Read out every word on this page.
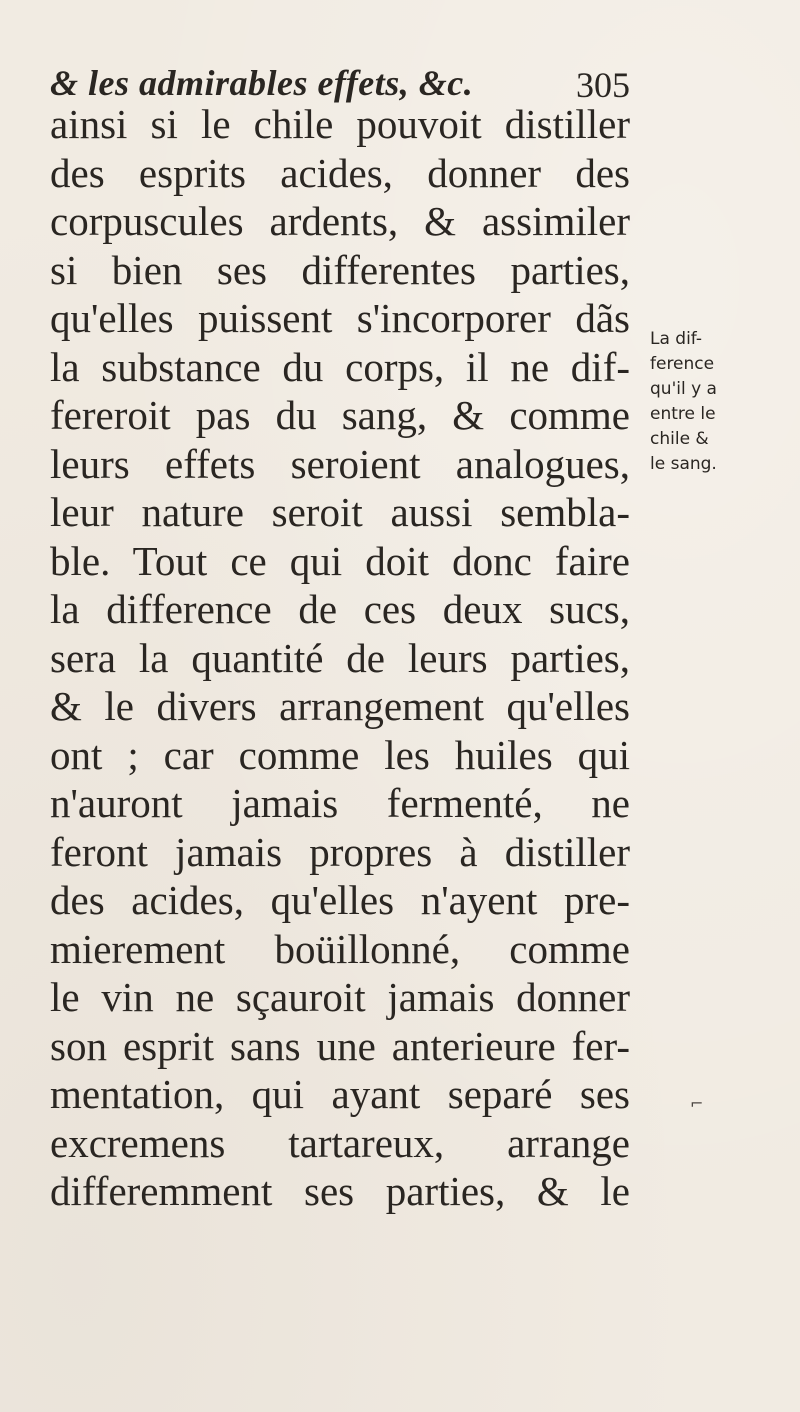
& les admirables effets, &c.	305
ainsi si le chile pouvoit distiller
des esprits acides, donner des
corpuscules ardents, & assimiler
si bien ses differentes parties,
qu'elles puissent s'incorporer dãs
la substance du corps, il ne dif-
fereroit pas du sang, & comme
leurs effets seroient analogues,
leur nature seroit aussi sembla-
ble. Tout ce qui doit donc faire
la difference de ces deux sucs,
sera la quantité de leurs parties,
& le divers arrangement qu'elles
ont ; car comme les huiles qui
n'auront jamais fermenté, ne
feront jamais propres à distiller
des acides, qu'elles n'ayent pre-
mierement boüillonné, comme
le vin ne sçauroit jamais donner
son esprit sans une anterieure fer-
mentation, qui ayant separé ses
excremens tartareux, arrange
differemment ses parties, & le
La dif-
ference
qu'il y a
entre le
chile &
le sang.
⌐
